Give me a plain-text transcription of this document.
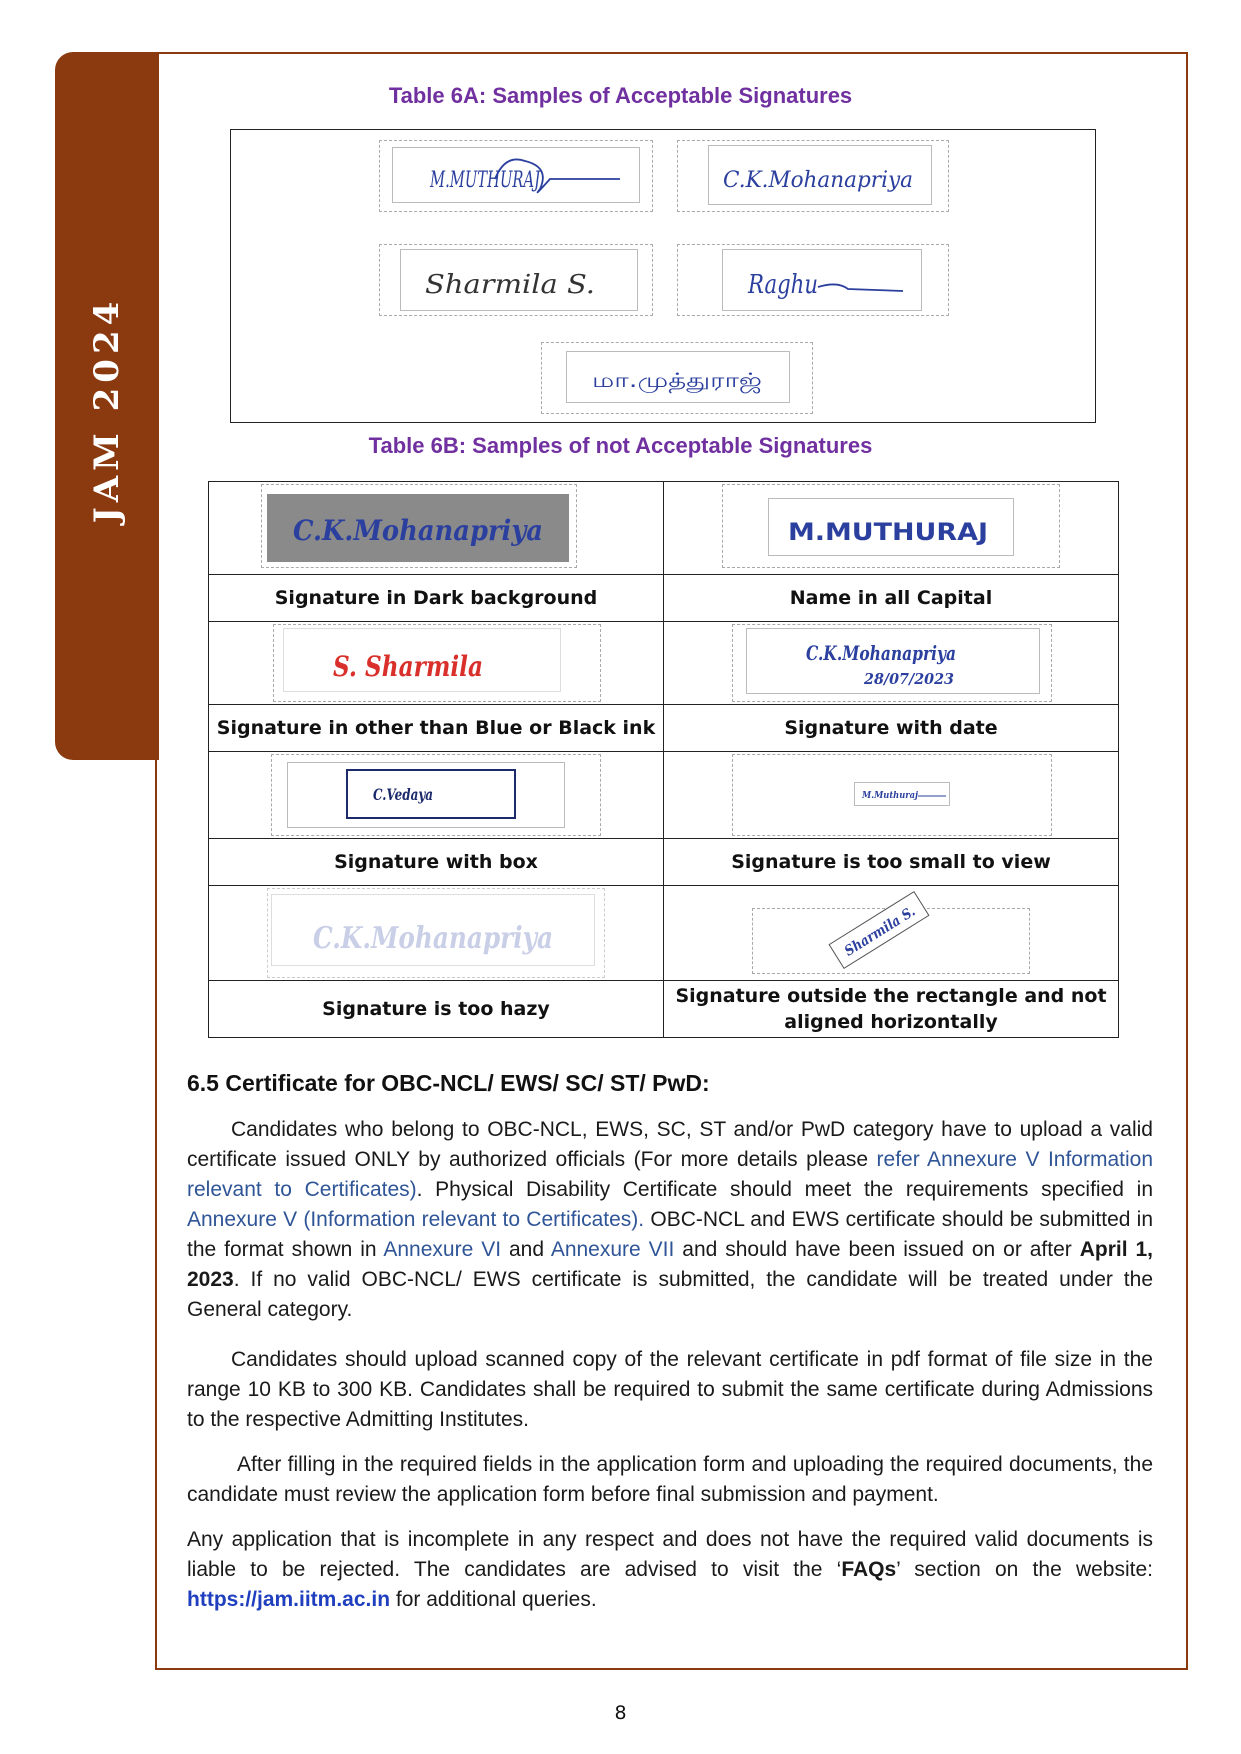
JAM 2024
Table 6A: Samples of Acceptable Signatures
M.MUTHURAJ	C.K.Mohanapriya
Sharmila S.	Raghu
மா.முத்துராஜ்
Table 6B: Samples of not Acceptable Signatures
C.K.Mohanapriya	M.MUTHURAJ

Signature in Dark background	Name in all Capital

S. Sharmila	C.K.Mohanapriya
28/07/2023

Signature in other than Blue or Black ink	Signature with date

C.Vedaya	M.Muthuraj

Signature with box	Signature is too small to view

C.K.Mohanapriya	Sharmila S.

Signature is too hazy	Signature outside the rectangle and not
aligned horizontally
6.5 Certificate for OBC-NCL/ EWS/ SC/ ST/ PwD:
Candidates who belong to OBC-NCL, EWS, SC, ST and/or PwD category have to upload a valid certificate issued ONLY by authorized officials (For more details please refer Annexure V Information relevant to Certificates). Physical Disability Certificate should meet the requirements specified in Annexure V (Information relevant to Certificates). OBC-NCL and EWS certificate should be submitted in the format shown in Annexure VI and Annexure VII and should have been issued on or after April 1, 2023. If no valid OBC-NCL/ EWS certificate is submitted, the candidate will be treated under the General category.
Candidates should upload scanned copy of the relevant certificate in pdf format of file size in the range 10 KB to 300 KB. Candidates shall be required to submit the same certificate during Admissions to the respective Admitting Institutes.
After filling in the required fields in the application form and uploading the required documents, the candidate must review the application form before final submission and payment.
Any application that is incomplete in any respect and does not have the required valid documents is liable to be rejected. The candidates are advised to visit the ‘FAQs’ section on the website: https://jam.iitm.ac.in for additional queries.
8
